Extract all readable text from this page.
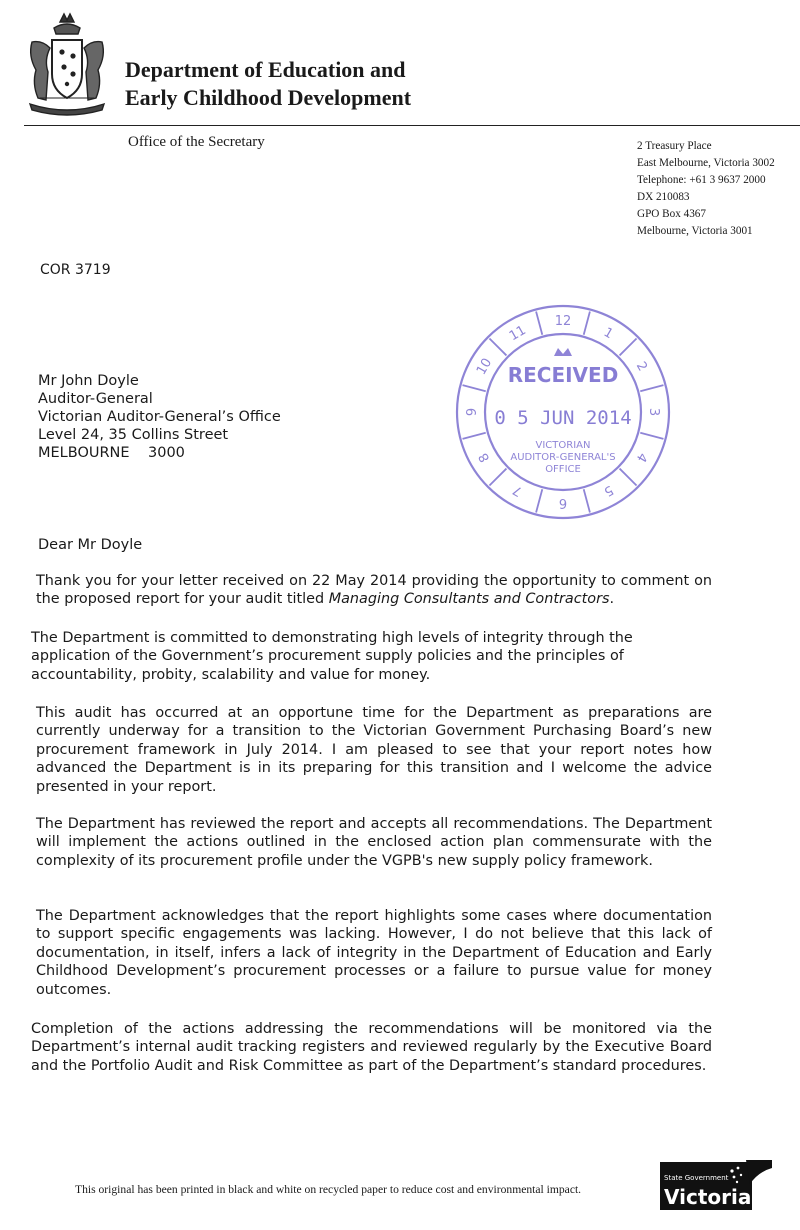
Department of Education and
Early Childhood Development
Office of the Secretary	2 Treasury Place
East Melbourne, Victoria 3002
Telephone: +61 3 9637 2000
DX 210083
GPO Box 4367
Melbourne, Victoria 3001
COR 3719
Mr John Doyle
Auditor-General
Victorian Auditor-General’s Office
Level 24, 35 Collins Street
MELBOURNE    3000
12
1
2
3
4
5
6
7
8
9
10
11
RECEIVED
0 5 JUN 2014
VICTORIAN
AUDITOR-GENERAL'S
OFFICE
Dear Mr Doyle
Thank you for your letter received on 22 May 2014 providing the opportunity to comment on the proposed report for your audit titled Managing Consultants and Contractors.
The Department is committed to demonstrating high levels of integrity through the application of the Government’s procurement supply policies and the principles of accountability, probity, scalability and value for money.
This audit has occurred at an opportune time for the Department as preparations are currently underway for a transition to the Victorian Government Purchasing Board’s new procurement framework in July 2014. I am pleased to see that your report notes how advanced the Department is in its preparing for this transition and I welcome the advice presented in your report.
The Department has reviewed the report and accepts all recommendations. The Department will implement the actions outlined in the enclosed action plan commensurate with the complexity of its procurement profile under the VGPB's new supply policy framework.
The Department acknowledges that the report highlights some cases where documentation to support specific engagements was lacking. However, I do not believe that this lack of documentation, in itself, infers a lack of integrity in the Department of Education and Early Childhood Development’s procurement processes or a failure to pursue value for money outcomes.
Completion of the actions addressing the recommendations will be monitored via the Department’s internal audit tracking registers and reviewed regularly by the Executive Board and the Portfolio Audit and Risk Committee as part of the Department’s standard procedures.
This original has been printed in black and white on recycled paper to reduce cost and environmental impact.
State Government
Victoria
